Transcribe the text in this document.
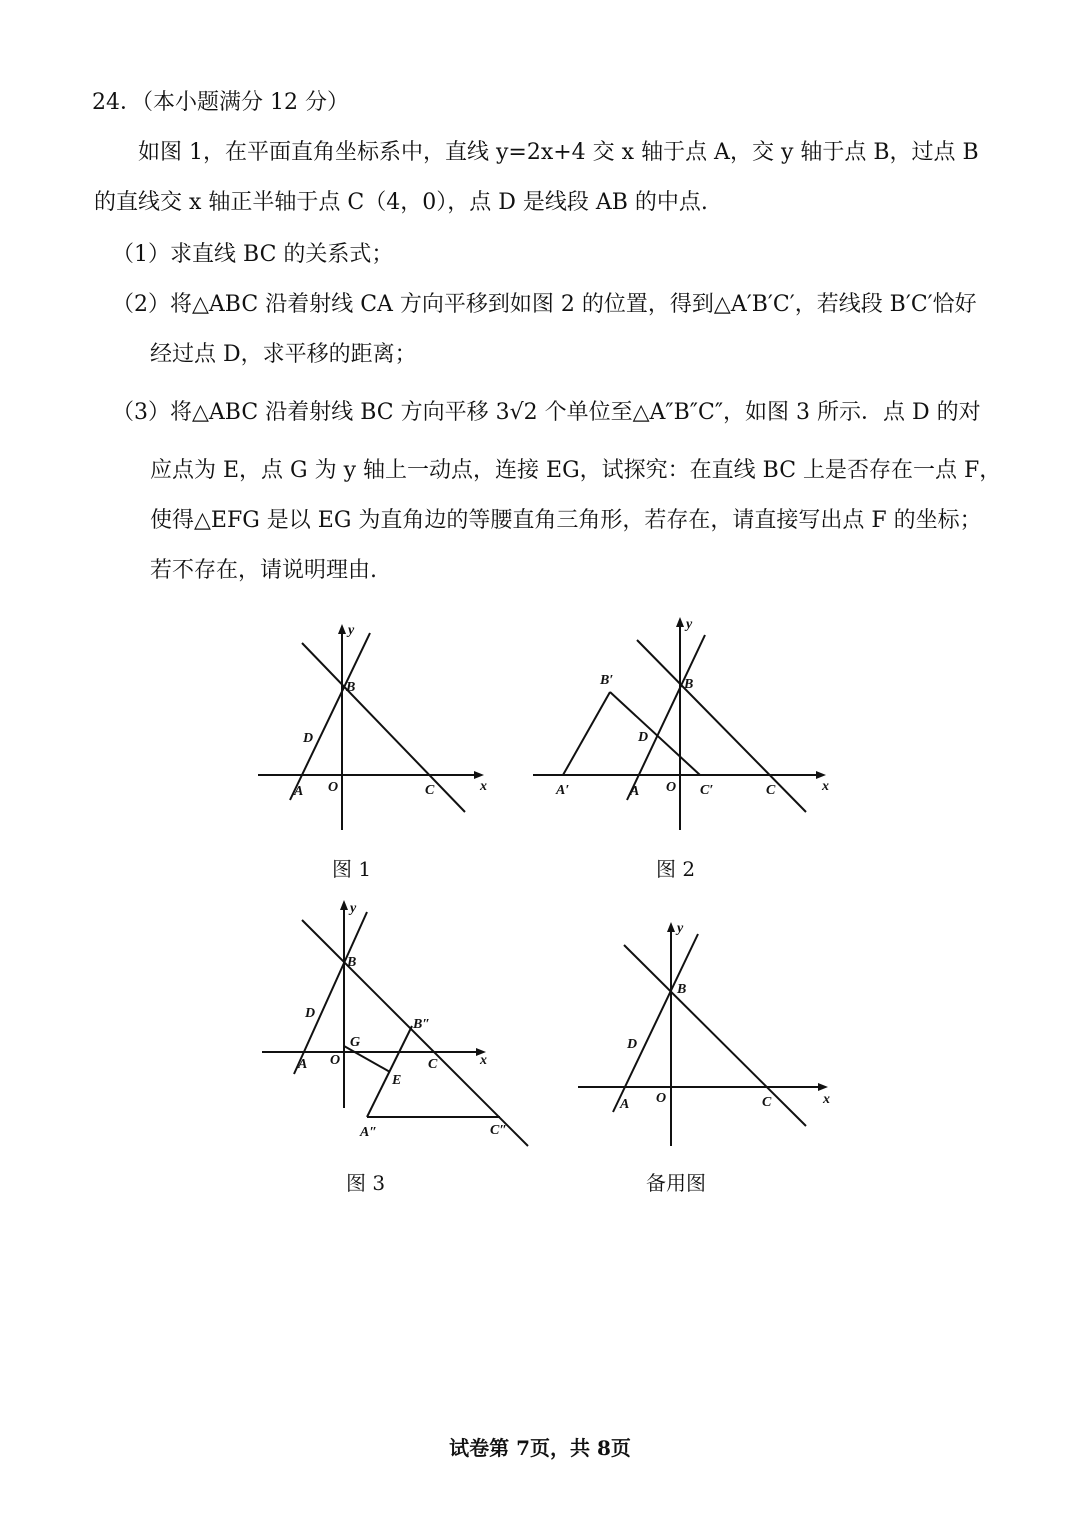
24．（本小题满分 12 分）
如图 1，在平面直角坐标系中，直线 y=2x+4 交 x 轴于点 A，交 y 轴于点 B，过点 B
的直线交 x 轴正半轴于点 C（4，0），点 D 是线段 AB 的中点.
（1）求直线 BC 的关系式；
（2）将△ABC 沿着射线 CA 方向平移到如图 2 的位置，得到△A′B′C′，若线段 B′C′恰好
经过点 D，求平移的距离；
（3）将△ABC 沿着射线 BC 方向平移 3√2 个单位至△A″B″C″，如图 3 所示．点 D 的对
应点为 E，点 G 为 y 轴上一动点，连接 EG，试探究：在直线 BC 上是否存在一点 F，
使得△EFG 是以 EG 为直角边的等腰直角三角形，若存在，请直接写出点 F 的坐标；
若不存在，请说明理由.
y
x
B
D
A O	C
图 1
y
x
B′	B
D
A′	A O C′	C
图 2
y
x
B
D
B″
G
A O	C
E
A″	C″
图 3
y
x
B
D
A O	C
备用图
试卷第 7页，共 8页
